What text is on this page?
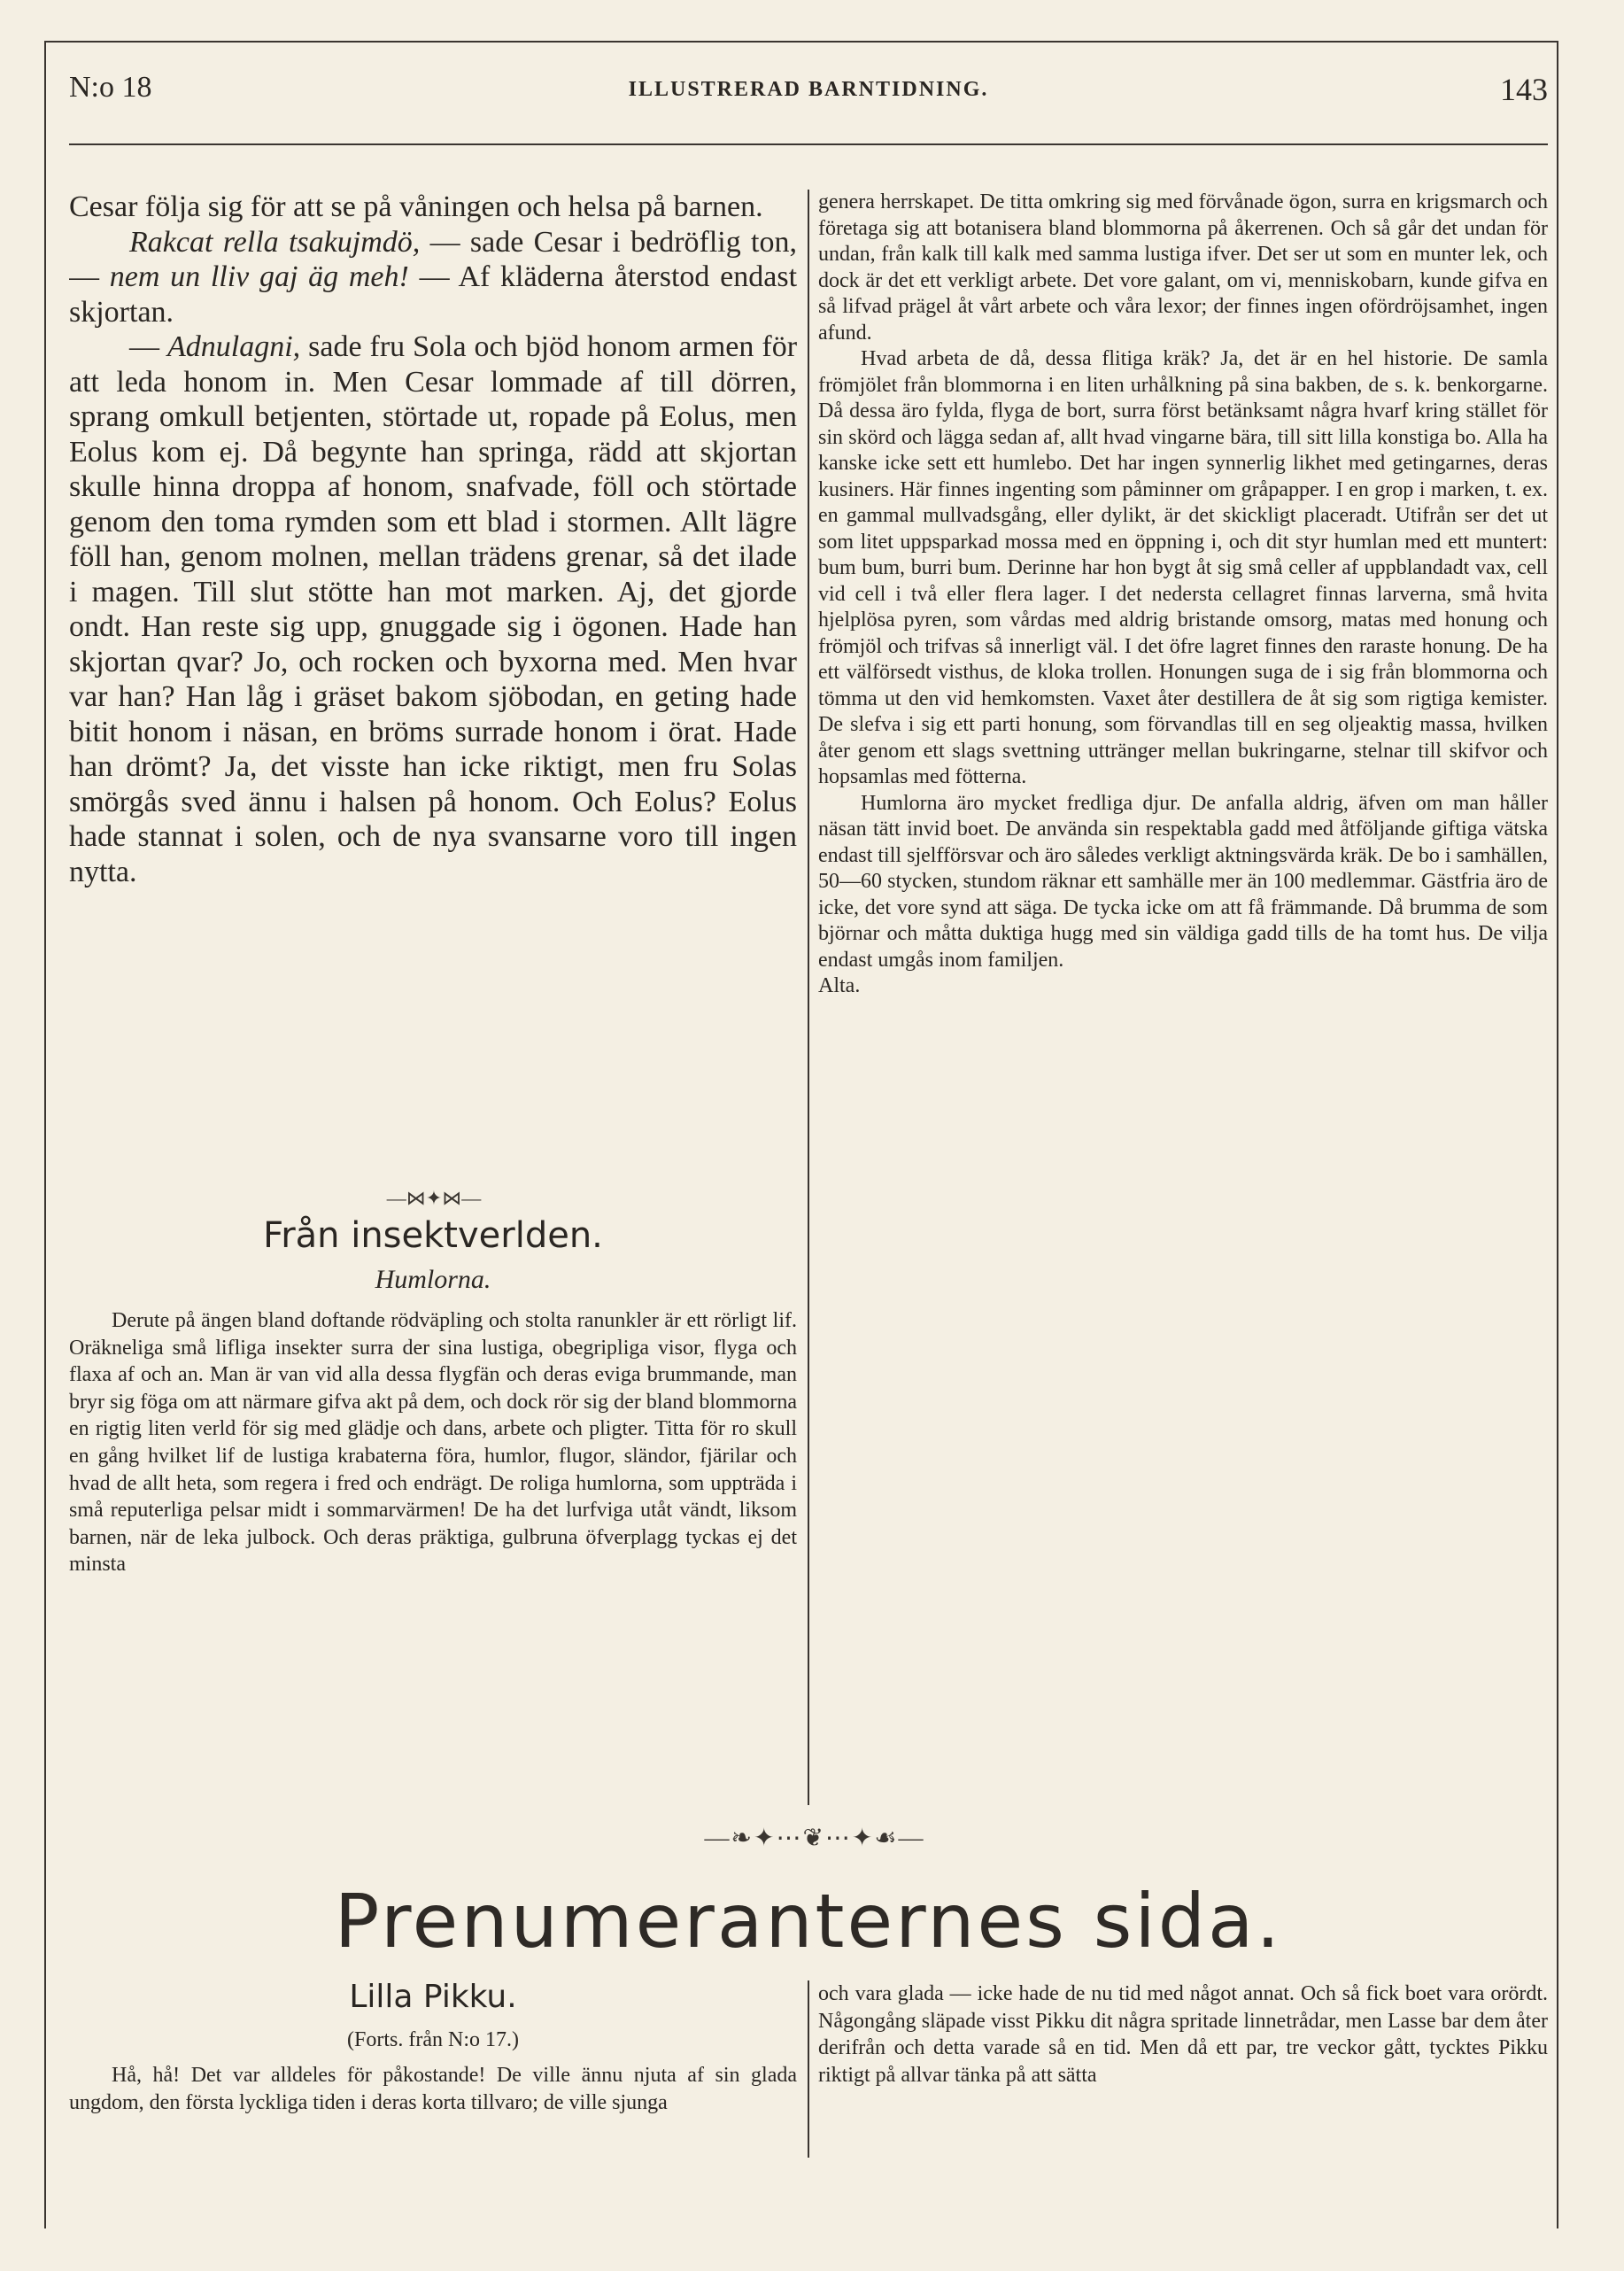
N:o 18	ILLUSTRERAD BARNTIDNING.	143

Cesar följa sig för att se på våningen och helsa på barnen.

Rakcat rella tsakujmdö, — sade Cesar i bedröflig ton, — nem un lliv gaj äg meh! — Af kläderna återstod endast skjortan.

— Adnulagni, sade fru Sola och bjöd honom armen för att leda honom in. Men Cesar lommade af till dörren, sprang omkull betjenten, störtade ut, ropade på Eolus, men Eolus kom ej. Då begynte han springa, rädd att skjortan skulle hinna droppa af honom, snafvade, föll och störtade genom den toma rymden som ett blad i stormen. Allt lägre föll han, genom molnen, mellan trädens grenar, så det ilade i magen. Till slut stötte han mot marken. Aj, det gjorde ondt. Han reste sig upp, gnuggade sig i ögonen. Hade han skjortan qvar? Jo, och rocken och byxorna med. Men hvar var han? Han låg i gräset bakom sjöbodan, en geting hade bitit honom i näsan, en bröms surrade honom i örat. Hade han drömt? Ja, det visste han icke riktigt, men fru Solas smörgås sved ännu i halsen på honom. Och Eolus? Eolus hade stannat i solen, och de nya svansarne voro till ingen nytta.

―⋈✦⋈―
Från insektverlden.
Humlorna.

Derute på ängen bland doftande rödväpling och stolta ranunkler är ett rörligt lif. Oräkneliga små lifliga insekter surra der sina lustiga, obegripliga visor, flyga och flaxa af och an. Man är van vid alla dessa flygfän och deras eviga brummande, man bryr sig föga om att närmare gifva akt på dem, och dock rör sig der bland blommorna en rigtig liten verld för sig med glädje och dans, arbete och pligter. Titta för ro skull en gång hvilket lif de lustiga krabaterna föra, humlor, flugor, sländor, fjärilar och hvad de allt heta, som regera i fred och endrägt. De roliga humlorna, som uppträda i små reputerliga pelsar midt i sommarvärmen! De ha det lurfviga utåt vändt, liksom barnen, när de leka julbock. Och deras präktiga, gulbruna öfverplagg tyckas ej det minsta

genera herrskapet. De titta omkring sig med förvånade ögon, surra en krigsmarch och företaga sig att botanisera bland blommorna på åkerrenen. Och så går det undan för undan, från kalk till kalk med samma lustiga ifver. Det ser ut som en munter lek, och dock är det ett verkligt arbete. Det vore galant, om vi, menniskobarn, kunde gifva en så lifvad prägel åt vårt arbete och våra lexor; der finnes ingen ofördröjsamhet, ingen afund.

Hvad arbeta de då, dessa flitiga kräk? Ja, det är en hel historie. De samla frömjölet från blommorna i en liten urhålkning på sina bakben, de s. k. benkorgarne. Då dessa äro fylda, flyga de bort, surra först betänksamt några hvarf kring stället för sin skörd och lägga sedan af, allt hvad vingarne bära, till sitt lilla konstiga bo. Alla ha kanske icke sett ett humlebo. Det har ingen synnerlig likhet med getingarnes, deras kusiners. Här finnes ingenting som påminner om gråpapper. I en grop i marken, t. ex. en gammal mullvadsgång, eller dylikt, är det skickligt placeradt. Utifrån ser det ut som litet uppsparkad mossa med en öppning i, och dit styr humlan med ett muntert: bum bum, burri bum. Derinne har hon bygt åt sig små celler af uppblandadt vax, cell vid cell i två eller flera lager. I det nedersta cellagret finnas larverna, små hvita hjelplösa pyren, som vårdas med aldrig bristande omsorg, matas med honung och frömjöl och trifvas så innerligt väl. I det öfre lagret finnes den raraste honung. De ha ett välförsedt visthus, de kloka trollen. Honungen suga de i sig från blommorna och tömma ut den vid hemkomsten. Vaxet åter destillera de åt sig som rigtiga kemister. De slefva i sig ett parti honung, som förvandlas till en seg oljeaktig massa, hvilken åter genom ett slags svettning uttränger mellan bukringarne, stelnar till skifvor och hopsamlas med fötterna.

Humlorna äro mycket fredliga djur. De anfalla aldrig, äfven om man håller näsan tätt invid boet. De använda sin respektabla gadd med åtföljande giftiga vätska endast till sjelfförsvar och äro således verkligt aktningsvärda kräk. De bo i samhällen, 50—60 stycken, stundom räknar ett samhälle mer än 100 medlemmar. Gästfria äro de icke, det vore synd att säga. De tycka icke om att få främmande. Då brumma de som björnar och måtta duktiga hugg med sin väldiga gadd tills de ha tomt hus. De vilja endast umgås inom familjen.

Alta.

―❧✦⋯❦⋯✦☙―
Prenumeranternes sida.
Lilla Pikku.
(Forts. från N:o 17.)

Hå, hå! Det var alldeles för påkostande! De ville ännu njuta af sin glada ungdom, den första lyckliga tiden i deras korta tillvaro; de ville sjunga

och vara glada — icke hade de nu tid med något annat. Och så fick boet vara orördt. Någongång släpade visst Pikku dit några spritade linnetrådar, men Lasse bar dem åter derifrån och detta varade så en tid. Men då ett par, tre veckor gått, tycktes Pikku riktigt på allvar tänka på att sätta
